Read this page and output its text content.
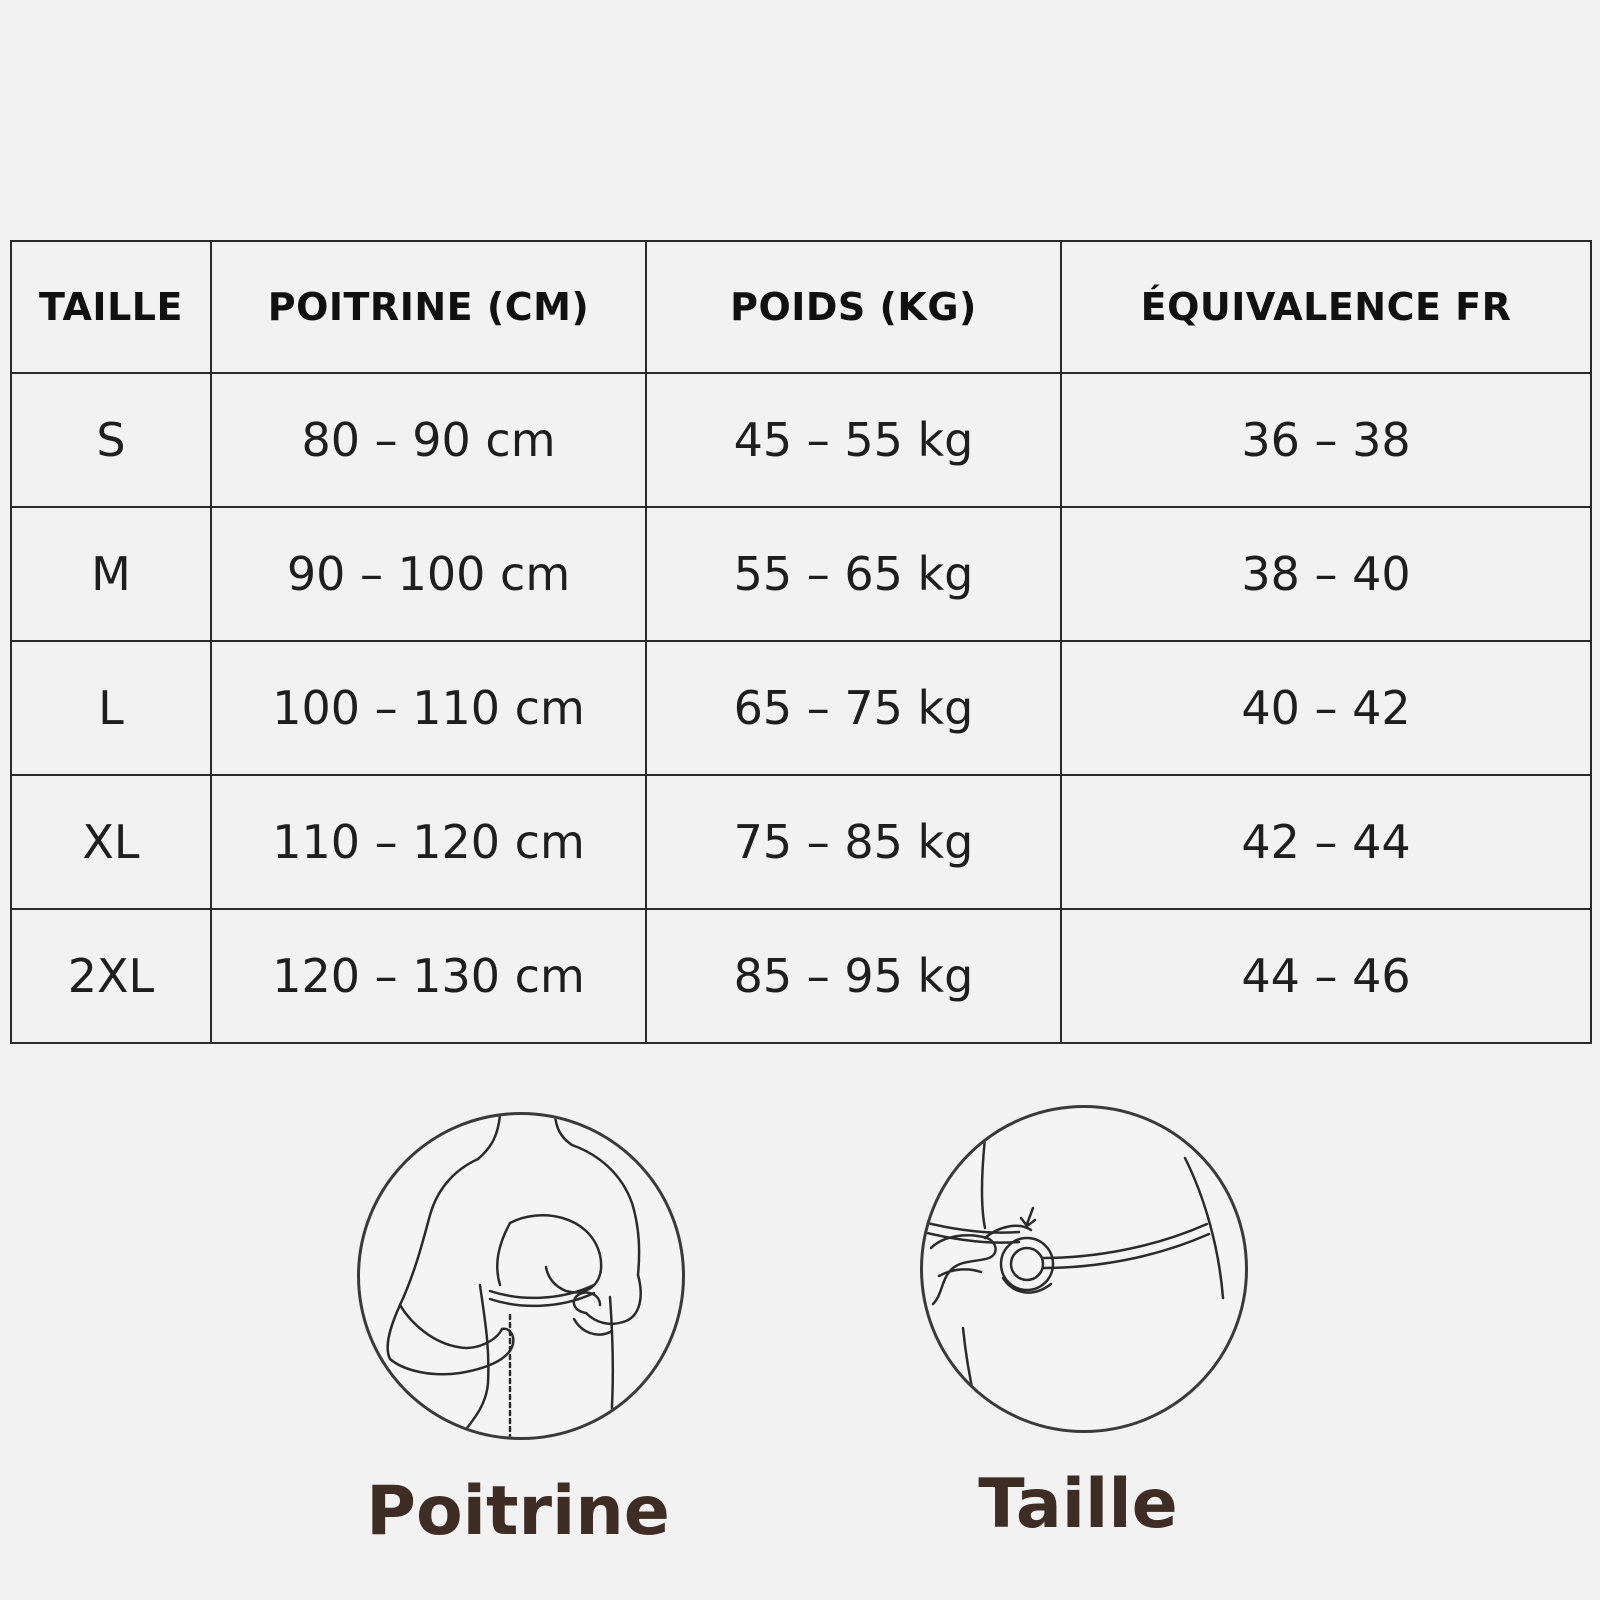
TAILLE	POITRINE (CM)	POIDS (KG)	ÉQUIVALENCE FR
S	80 – 90 cm	45 – 55 kg	36 – 38
M	90 – 100 cm	55 – 65 kg	38 – 40
L	100 – 110 cm	65 – 75 kg	40 – 42
XL	110 – 120 cm	75 – 85 kg	42 – 44
2XL	120 – 130 cm	85 – 95 kg	44 – 46
Poitrine	Taille
